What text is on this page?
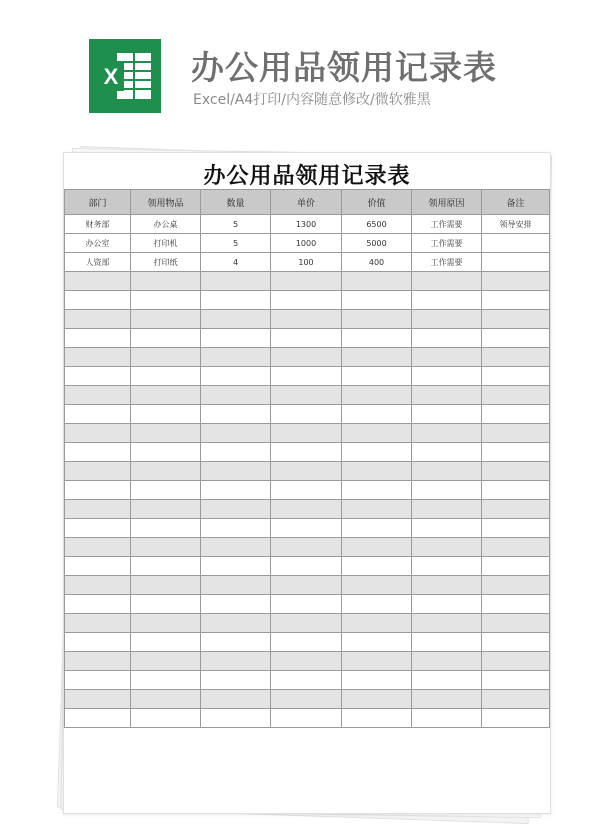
X 办公用品领用记录表
Excel/A4打印/内容随意修改/微软雅黑
办公用品领用记录表
部门	领用物品	数量	单价	价值	领用原因	备注
财务部	办公桌	5	1300	6500	工作需要	领导安排
办公室	打印机	5	1000	5000	工作需要	
人资部	打印纸	4	100	400	工作需要	
